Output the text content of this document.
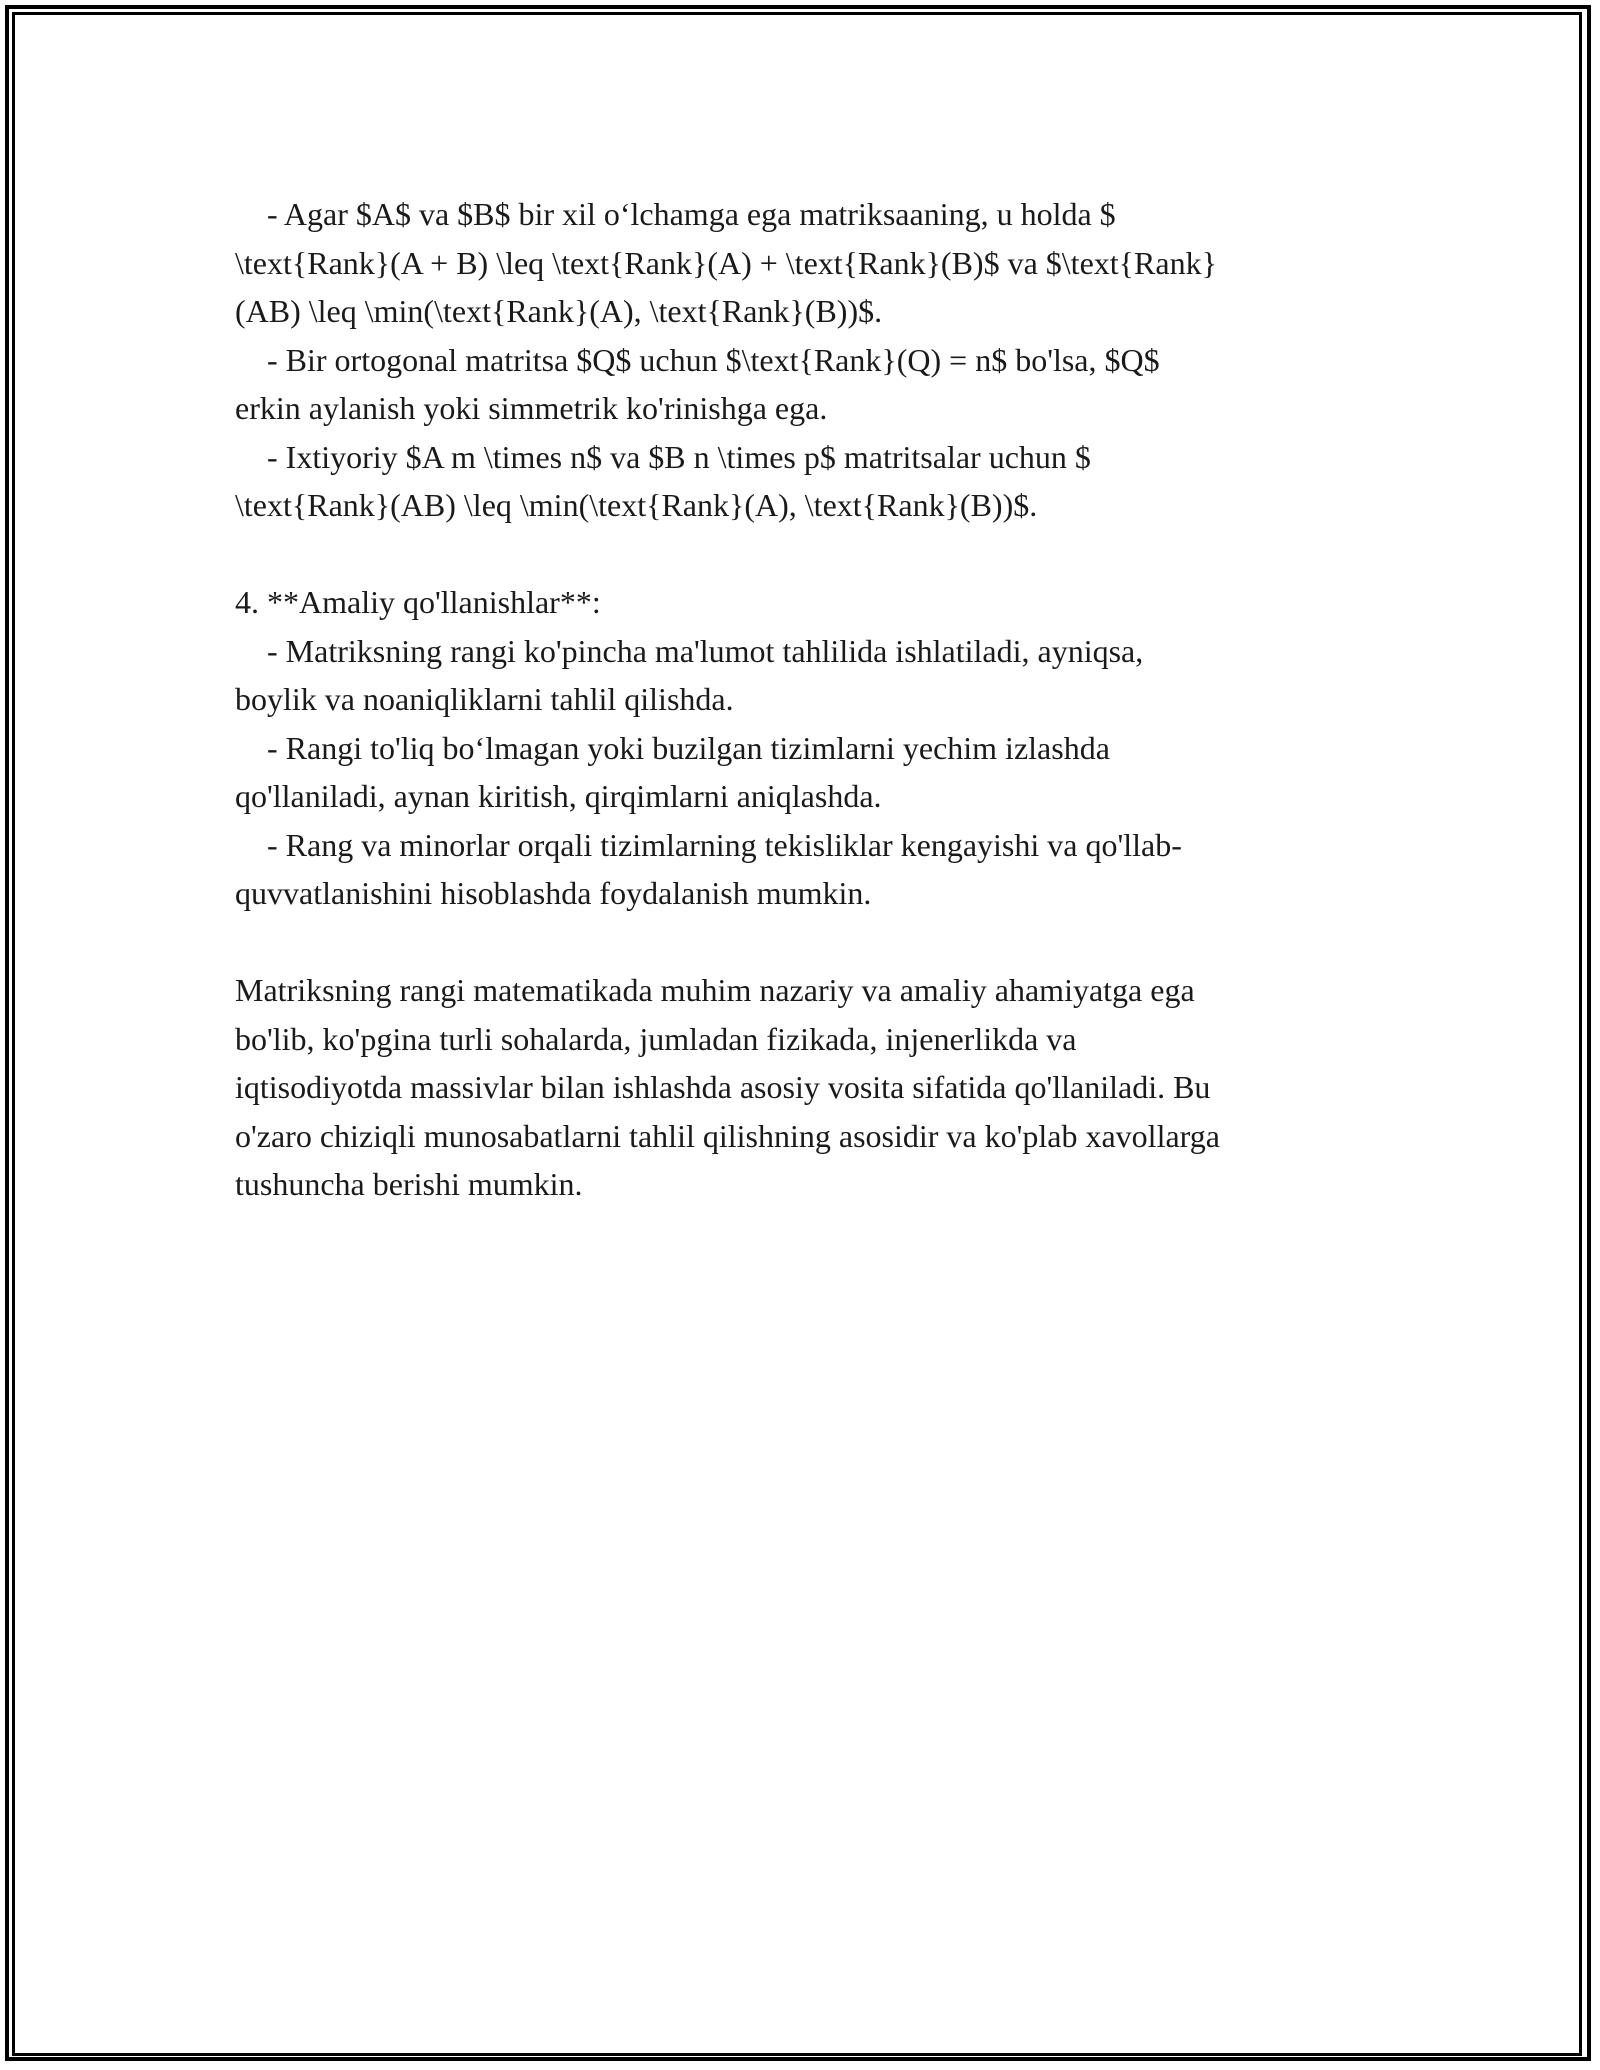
- Agar $A$ va $B$ bir xil o‘lchamga ega matriksaaning, u holda $
\text{Rank}(A + B) \leq \text{Rank}(A) + \text{Rank}(B)$ va $\text{Rank}
(AB) \leq \min(\text{Rank}(A), \text{Rank}(B))$.
- Bir ortogonal matritsa $Q$ uchun $\text{Rank}(Q) = n$ bo'lsa, $Q$
erkin aylanish yoki simmetrik ko'rinishga ega.
- Ixtiyoriy $A m \times n$ va $B n \times p$ matritsalar uchun $
\text{Rank}(AB) \leq \min(\text{Rank}(A), \text{Rank}(B))$.
4. **Amaliy qo'llanishlar**:
- Matriksning rangi ko'pincha ma'lumot tahlilida ishlatiladi, ayniqsa,
boylik va noaniqliklarni tahlil qilishda.
- Rangi to'liq bo‘lmagan yoki buzilgan tizimlarni yechim izlashda
qo'llaniladi, aynan kiritish, qirqimlarni aniqlashda.
- Rang va minorlar orqali tizimlarning tekisliklar kengayishi va qo'llab-
quvvatlanishini hisoblashda foydalanish mumkin.
Matriksning rangi matematikada muhim nazariy va amaliy ahamiyatga ega
bo'lib, ko'pgina turli sohalarda, jumladan fizikada, injenerlikda va
iqtisodiyotda massivlar bilan ishlashda asosiy vosita sifatida qo'llaniladi. Bu
o'zaro chiziqli munosabatlarni tahlil qilishning asosidir va ko'plab xavollarga
tushuncha berishi mumkin.
